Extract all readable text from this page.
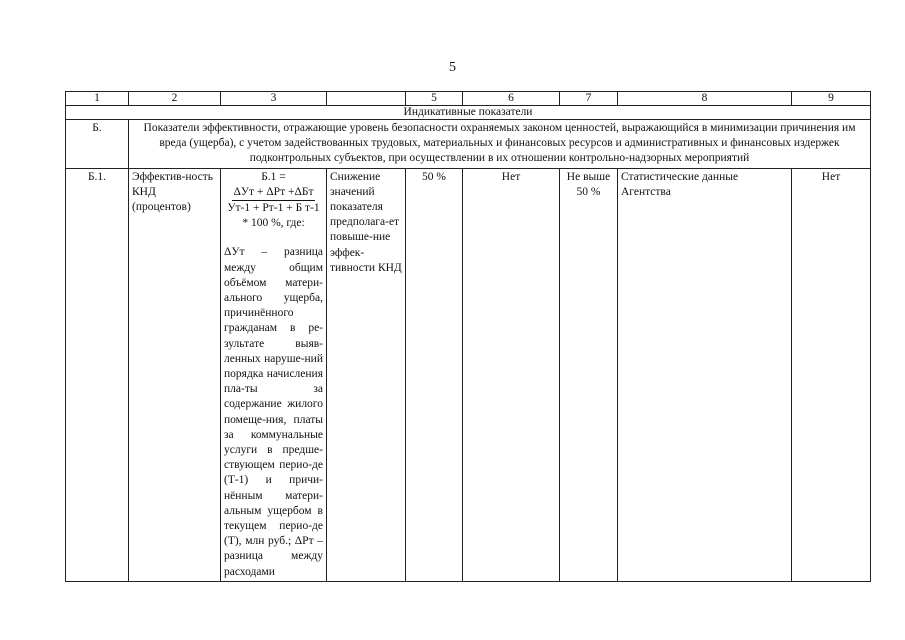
5
1	2	3		5	6	7	8	9
Индикативные показатели								
Б.	Показатели эффективности, отражающие уровень безопасности охраняемых законом ценностей, выражающийся в минимизации причинения им вреда (ущерба), с учетом задействованных трудовых, материальных и финансовых ресурсов и административных и финансовых издержек подконтрольных субъектов, при осуществлении в их отношении контрольно-надзорных мероприятий							
Б.1.	Эффектив-ность КНД (процентов)	Б.1 =
ΔУт + ΔРт +ΔБт
Ут-1 + Рт-1 + Б т-1
* 100 %, где:
ΔУт – разница между общим объёмом матери-ального ущерба, причинённого гражданам в ре-зультате выяв-ленных наруше-ний порядка начисления пла-ты за содержание жилого помеще-ния, платы за коммунальные услуги в предше-ствующем перио-де (Т-1) и причи-нённым матери-альным ущербом в текущем перио-де (Т), млн руб.; ΔРт – разница между расходами	Снижение значений показателя предполага-ет повыше-ние эффек-тивности КНД	50 %	Нет	Не выше 50 %	Статистические данные Агентства	Нет
